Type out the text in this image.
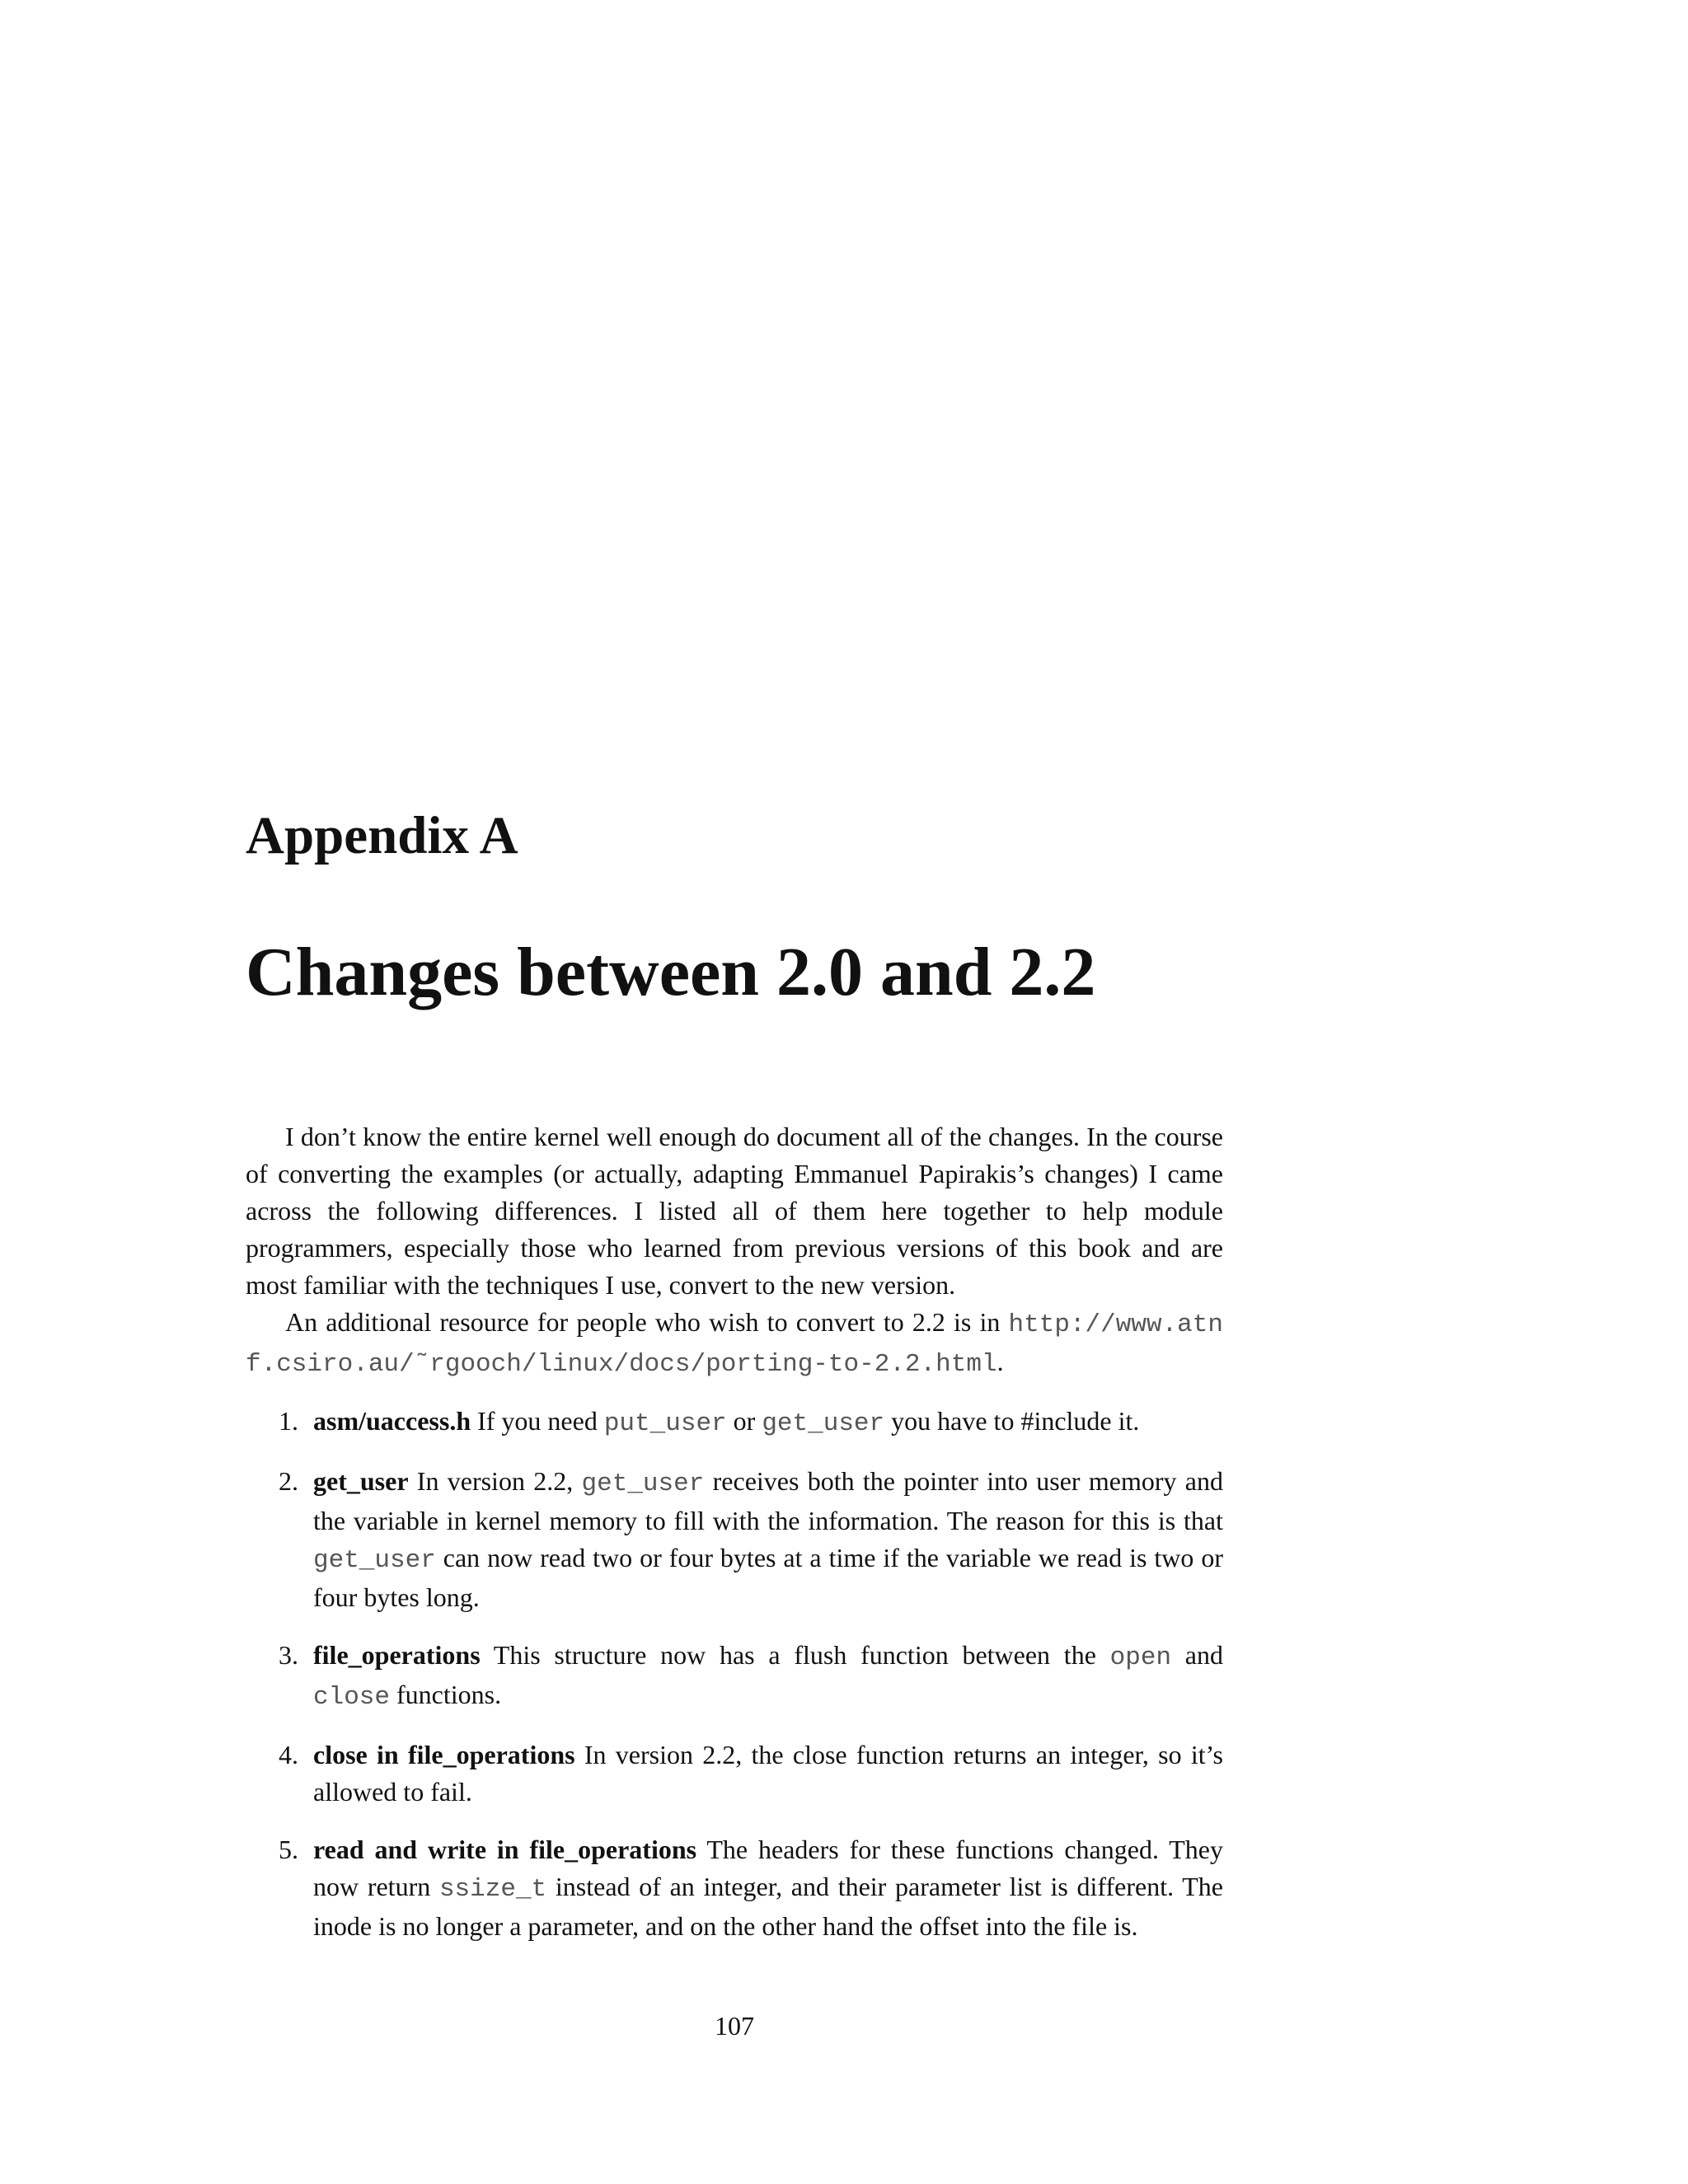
Appendix A
Changes between 2.0 and 2.2

I don’t know the entire kernel well enough do document all of the changes. In the course of converting the examples (or actually, adapting Emmanuel Papirakis’s changes) I came across the following differences. I listed all of them here together to help module programmers, especially those who learned from previous versions of this book and are most familiar with the techniques I use, convert to the new version.

An additional resource for people who wish to convert to 2.2 is in http://www.atnf.csiro.au/˜rgooch/linux/docs/porting-to-2.2.html.

1. asm/uaccess.h If you need put_user or get_user you have to #include it.
2. get_user In version 2.2, get_user receives both the pointer into user memory and the variable in kernel memory to fill with the information. The reason for this is that get_user can now read two or four bytes at a time if the variable we read is two or four bytes long.
3. file_operations This structure now has a flush function between the open and close functions.
4. close in file_operations In version 2.2, the close function returns an integer, so it’s allowed to fail.
5. read and write in file_operations The headers for these functions changed. They now return ssize_t instead of an integer, and their parameter list is different. The inode is no longer a parameter, and on the other hand the offset into the file is.
107
